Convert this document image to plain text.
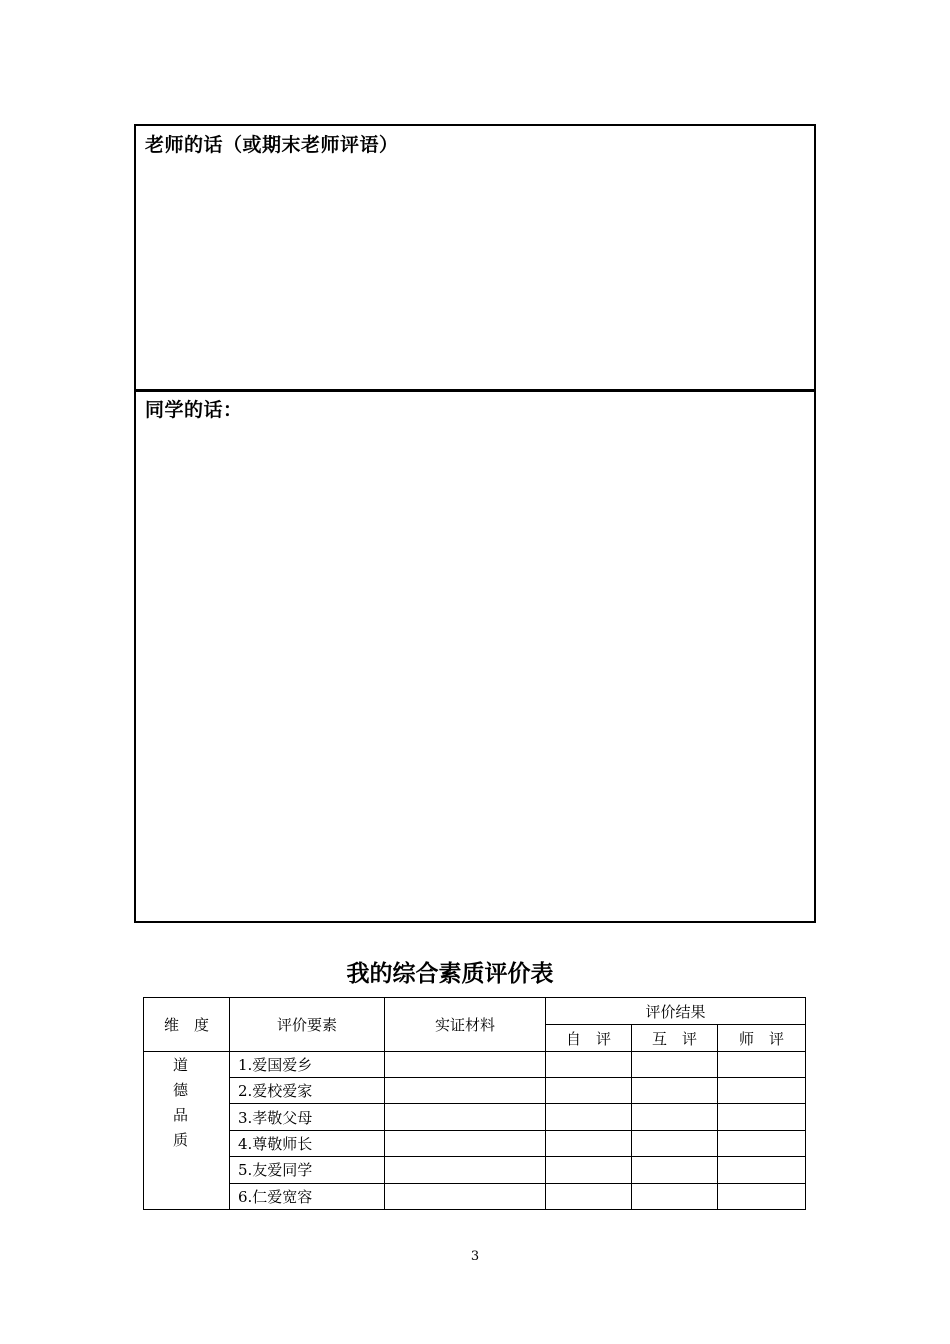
老师的话（或期末老师评语）
同学的话：
我的综合素质评价表
维　度	评价要素	实证材料	评价结果		
			自　评	互　评	师　评

道
德
品
质	1.爱国爱乡				
	2.爱校爱家				
	3.孝敬父母				
	4.尊敬师长				
	5.友爱同学				
	6.仁爱宽容				
3
